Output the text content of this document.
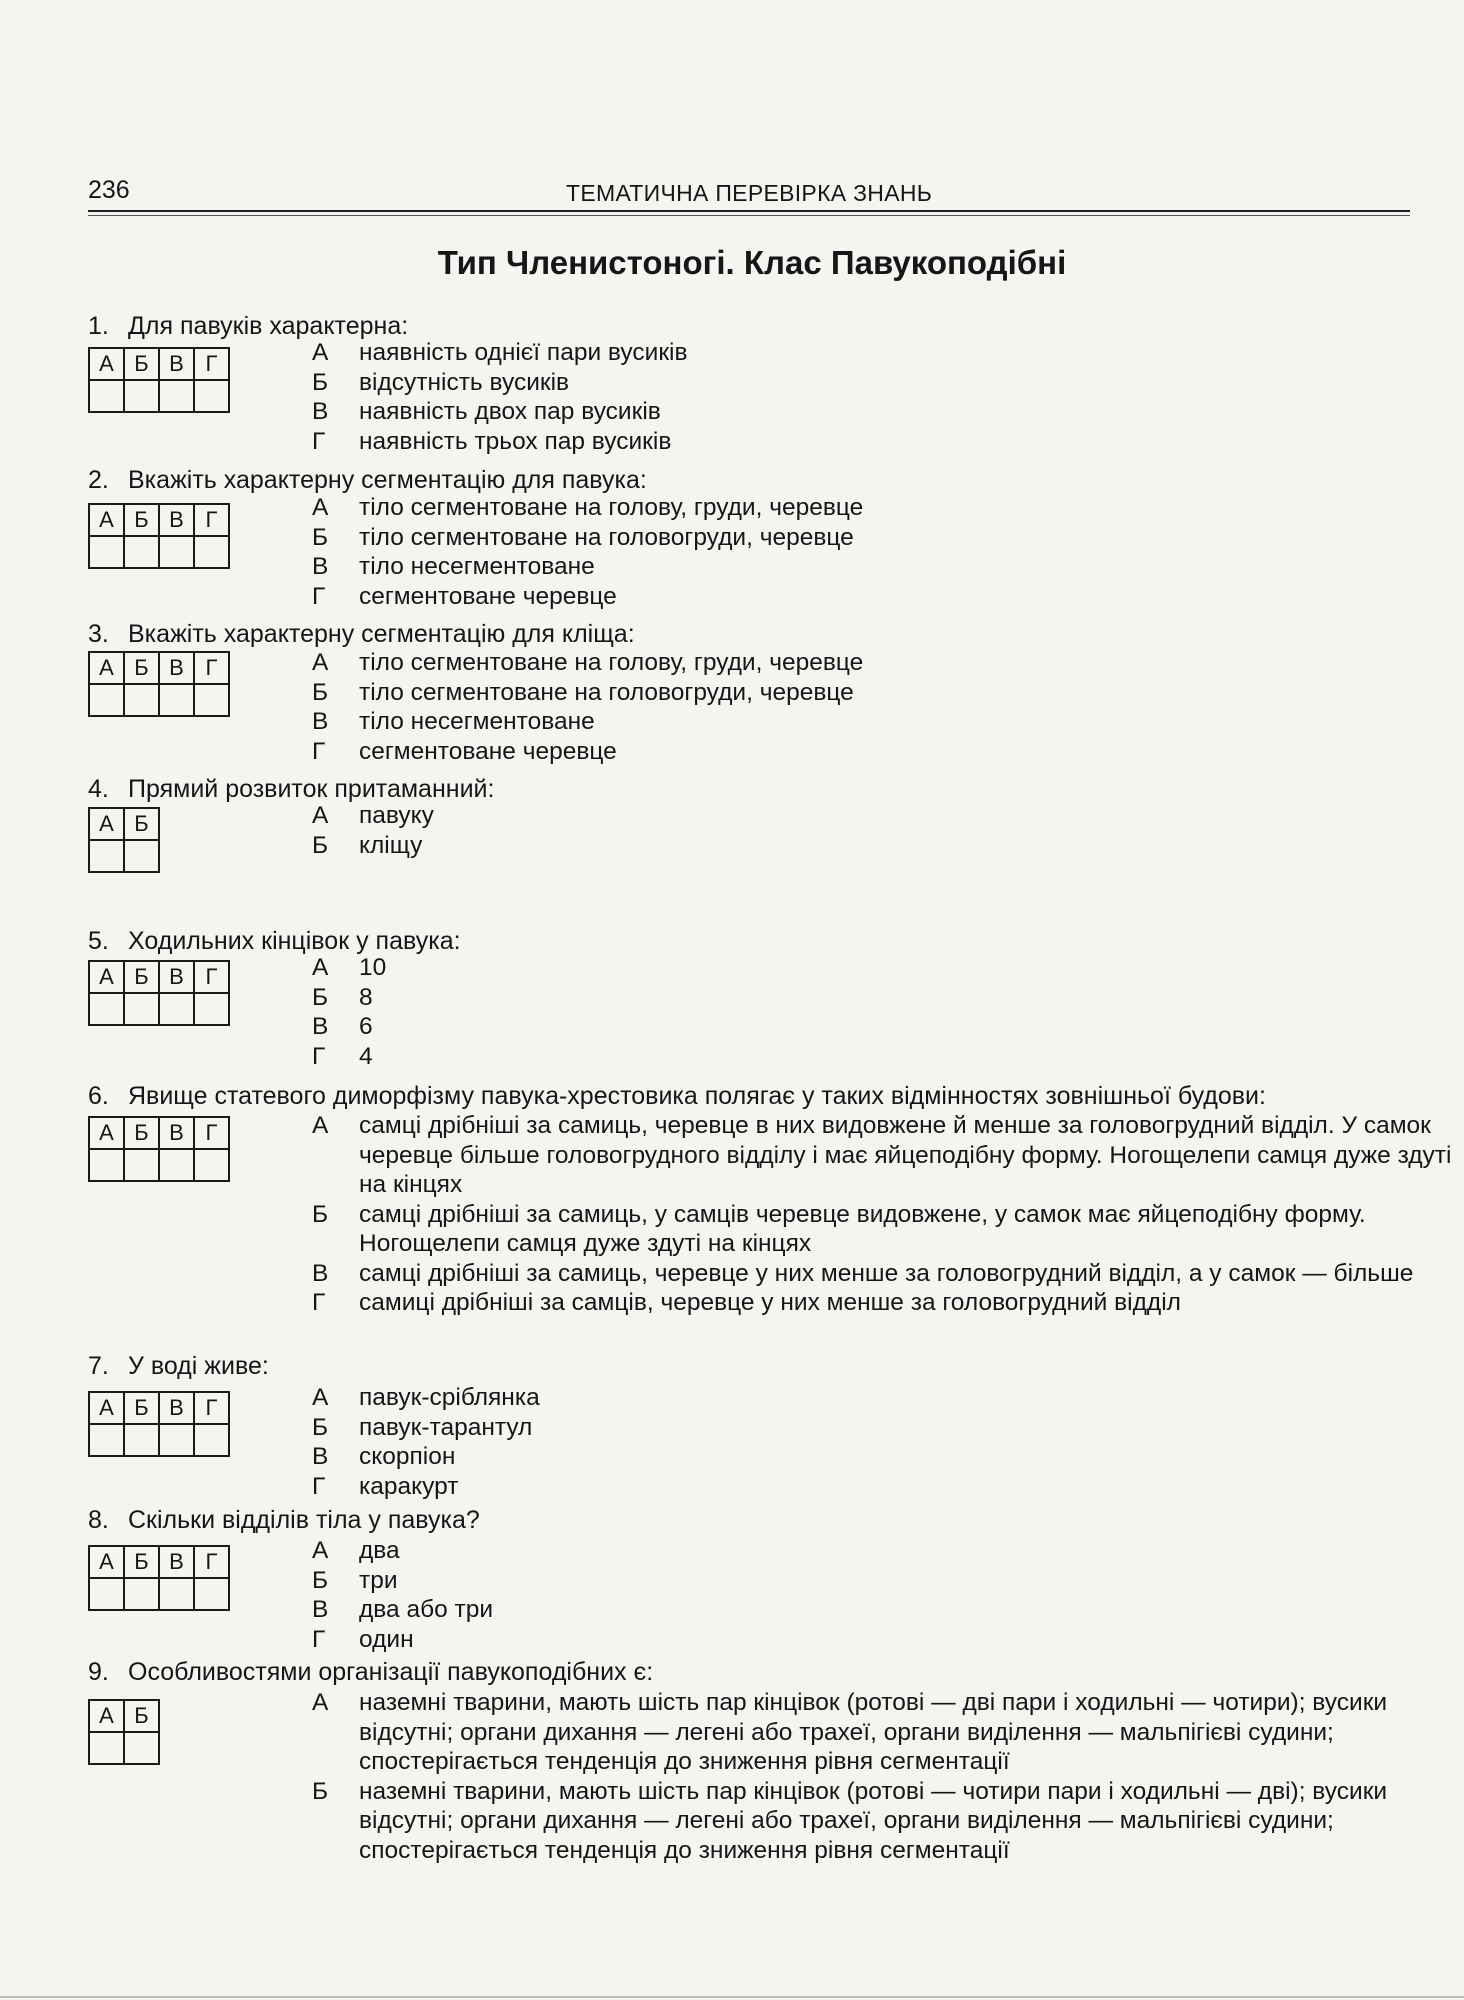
236	ТЕМАТИЧНА ПЕРЕВІРКА ЗНАНЬ
Тип Членистоногі. Клас Павукоподібні
1. Для павуків характерна:
А	Б	В	Г
				А	наявність однієї пари вусиків
Б	відсутність вусиків
В	наявність двох пар вусиків
Г	наявність трьох пар вусиків
2. Вкажіть характерну сегментацію для павука:
А	Б	В	Г
				А	тіло сегментоване на голову, груди, черевце
Б	тіло сегментоване на головогруди, черевце
В	тіло несегментоване
Г	сегментоване черевце
3. Вкажіть характерну сегментацію для кліща:
А	Б	В	Г
				А	тіло сегментоване на голову, груди, черевце
Б	тіло сегментоване на головогруди, черевце
В	тіло несегментоване
Г	сегментоване черевце
4. Прямий розвиток притаманний:
А	Б
		А	павуку
Б	кліщу
5. Ходильних кінцівок у павука:
А	Б	В	Г
				А	10
Б	8
В	6
Г	4
6. Явище статевого диморфізму павука-хрестовика полягає у таких відмінностях зовнішньої будови:
А	Б	В	Г
				А	самці дрібніші за самиць, черевце в них видовжене й менше за головогрудний відділ. У самок черевце більше головогрудного відділу і має яйцеподібну форму. Ногощелепи самця дуже здуті на кінцях
Б	самці дрібніші за самиць, у самців черевце видовжене, у самок має яйцеподібну форму. Ногощелепи самця дуже здуті на кінцях
В	самці дрібніші за самиць, черевце у них менше за головогрудний відділ, а у самок — більше
Г	самиці дрібніші за самців, черевце у них менше за головогрудний відділ
7. У воді живе:
А	Б	В	Г
				А	павук-сріблянка
Б	павук-тарантул
В	скорпіон
Г	каракурт
8. Скільки відділів тіла у павука?
А	Б	В	Г
				А	два
Б	три
В	два або три
Г	один
9. Особливостями організації павукоподібних є:
А	Б
		А	наземні тварини, мають шість пар кінцівок (ротові — дві пари і ходильні — чотири); вусики відсутні; органи дихання — легені або трахеї, органи виділення — мальпігієві судини; спостерігається тенденція до зниження рівня сегментації
Б	наземні тварини, мають шість пар кінцівок (ротові — чотири пари і ходильні — дві); вусики відсутні; органи дихання — легені або трахеї, органи виділення — мальпігієві судини; спостерігається тенденція до зниження рівня сегментації
